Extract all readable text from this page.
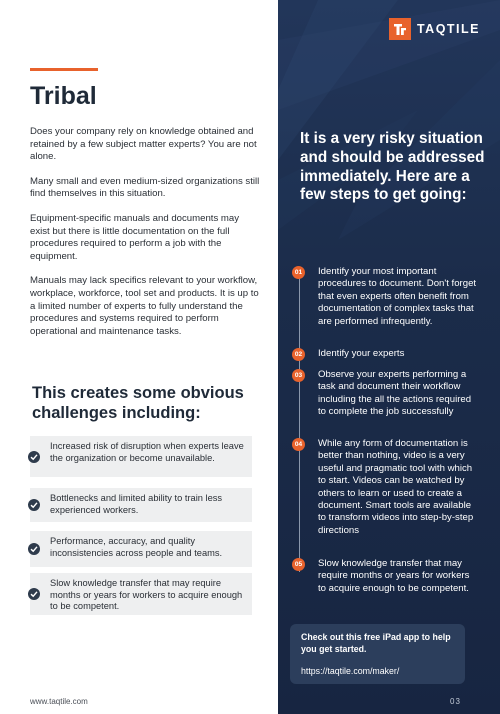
Tribal

Does your company rely on knowledge obtained and retained by a few subject matter experts? You are not alone.

Many small and even medium-sized organizations still find themselves in this situation.

Equipment-specific manuals and documents may exist but there is little documentation on the full procedures required to perform a job with the equipment.

Manuals may lack specifics relevant to your workflow, workplace, workforce, tool set and products. It is up to a limited number of experts to fully understand the procedures and systems required to perform operational and maintenance tasks.

This creates some obvious challenges including:
Increased risk of disruption when experts leave the organization or become unavailable.
Bottlenecks and limited ability to train less experienced workers.
Performance, accuracy, and quality inconsistencies across people and teams.
Slow knowledge transfer that may require months or years for workers to acquire enough to be competent.
www.taqtile.com
TAQTILE
It is a very risky situation and should be addressed immediately. Here are a few steps to get going:
01	Identify your most important procedures to document. Don't forget that even experts often benefit from documentation of complex tasks that are performed infrequently.
02	Identify your experts
03	Observe your experts performing a task and document their workflow including the all the actions required to complete the job successfully
04	While any form of documentation is better than nothing, video is a very useful and pragmatic tool with which to start. Videos can be watched by others to learn or used to create a document. Smart tools are available to transform videos into step-by-step directions
05	Slow knowledge transfer that may require months or years for workers to acquire enough to be competent.
Check out this free iPad app to help you get started.
https://taqtile.com/maker/
03
